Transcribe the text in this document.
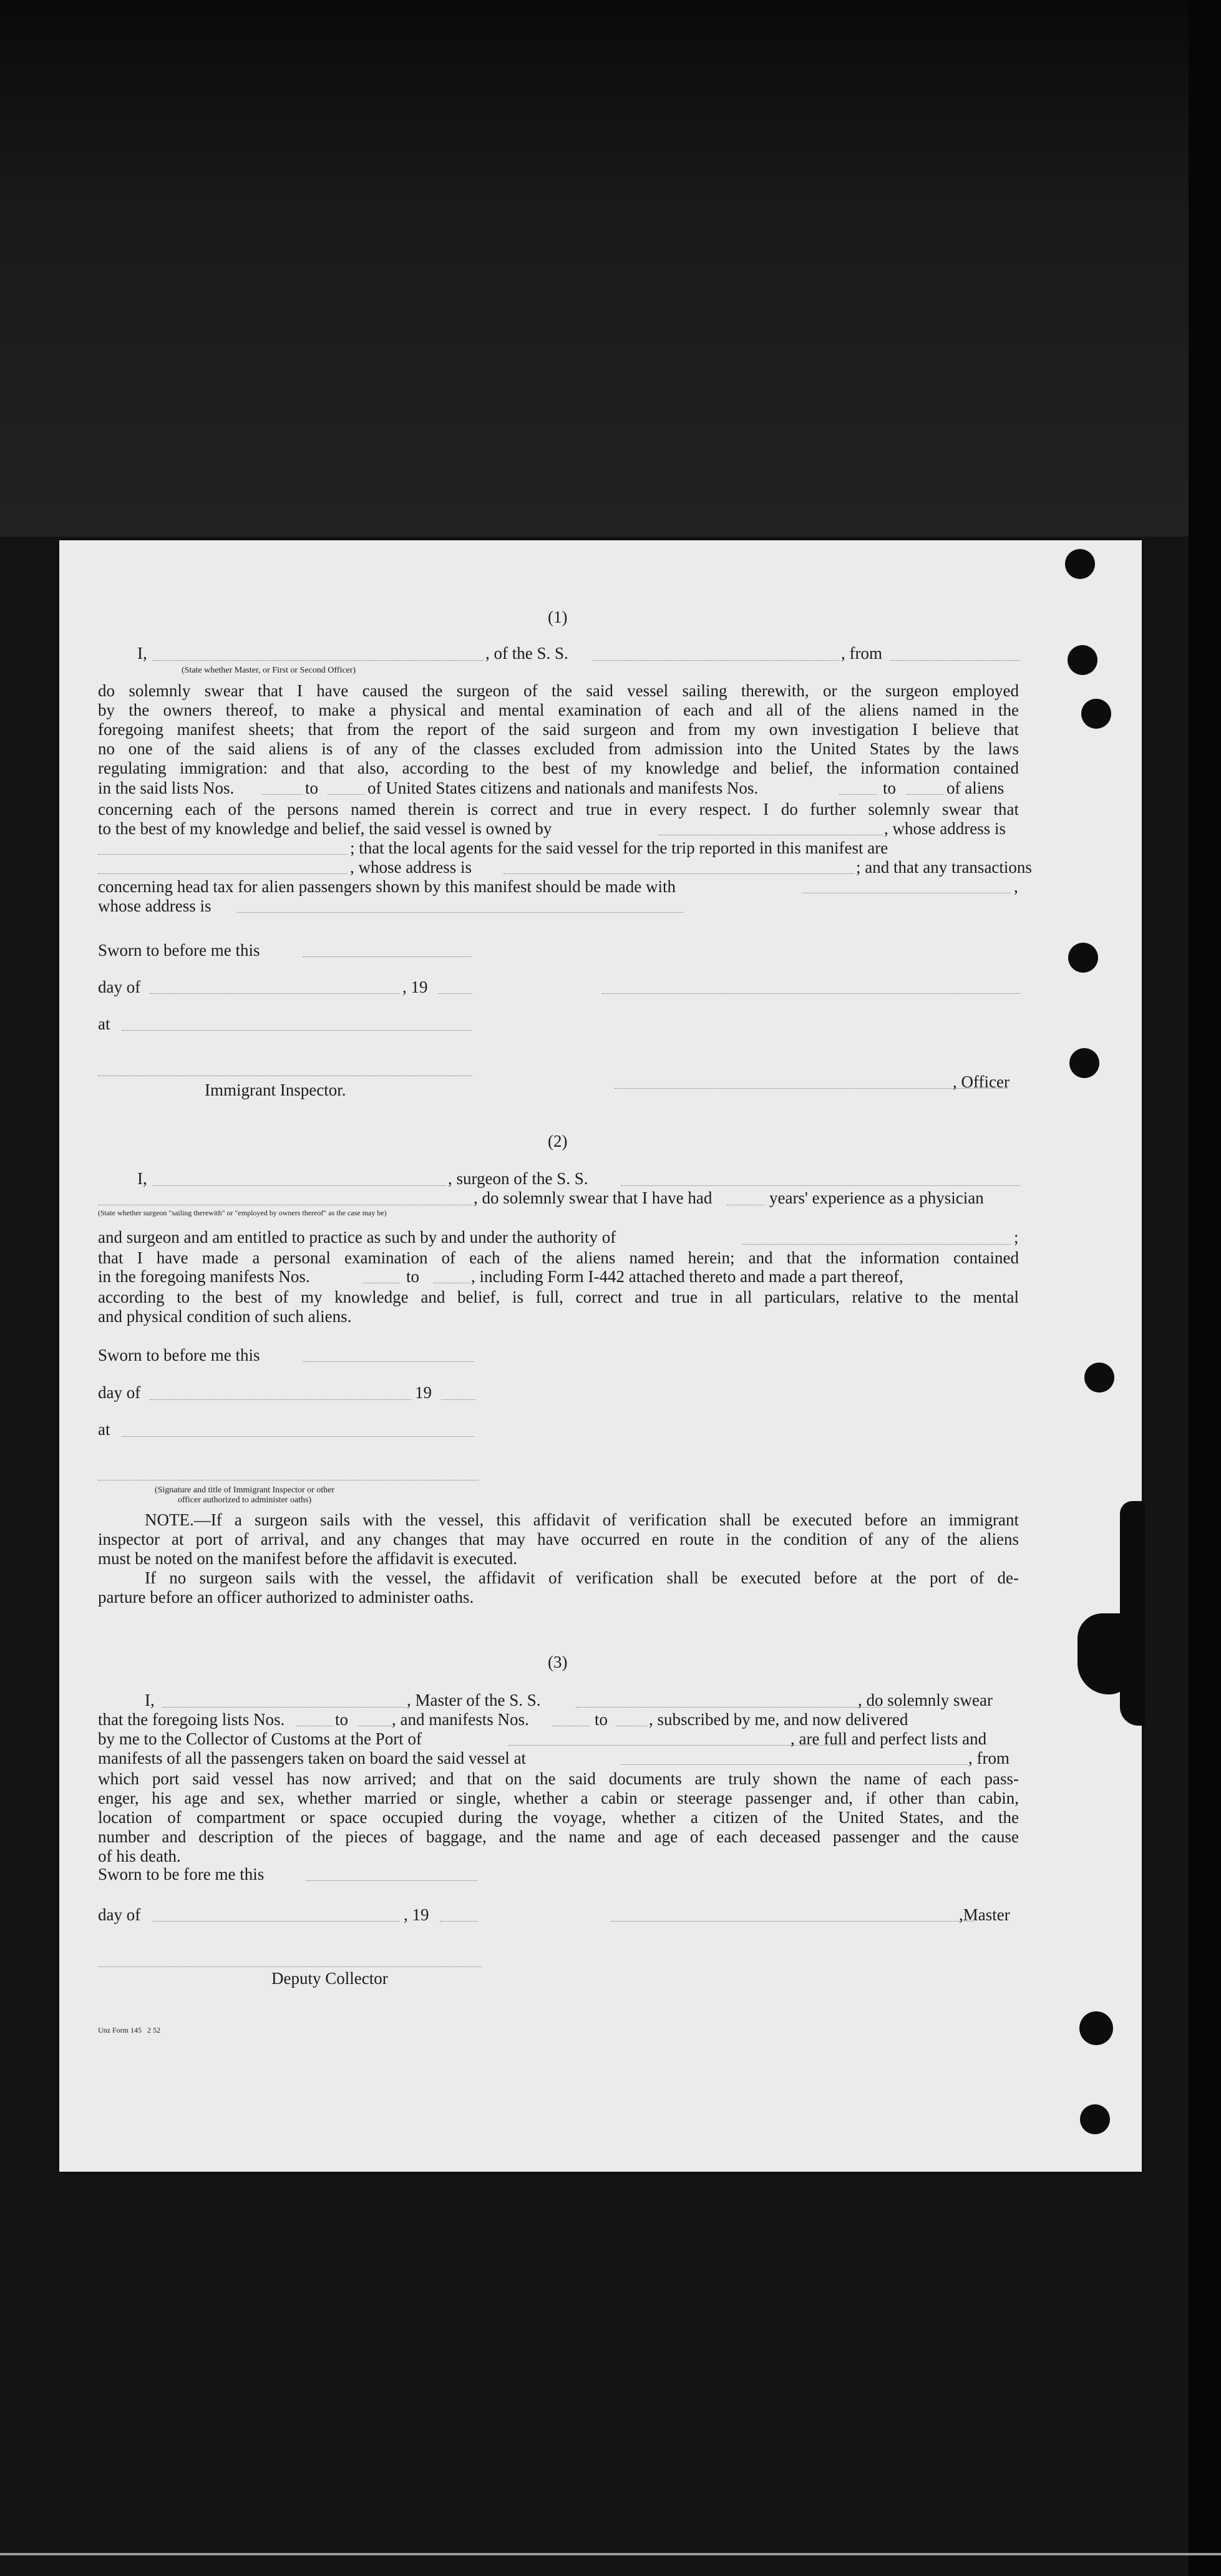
(1)
I,	, of the S. S.	, from
(State whether Master, or First or Second Officer)
do solemnly swear that I have caused the surgeon of the said vessel sailing therewith, or the surgeon employed
by the owners thereof, to make a physical and mental examination of each and all of the aliens named in the
foregoing manifest sheets; that from the report of the said surgeon and from my own investigation I believe that
no one of the said aliens is of any of the classes excluded from admission into the United States by the laws
regulating immigration: and that also, according to the best of my knowledge and belief, the information contained
in the said lists Nos.	to	of United States citizens and nationals and manifests Nos.	to	of aliens
concerning each of the persons named therein is correct and true in every respect. I do further solemnly swear that
to the best of my knowledge and belief, the said vessel is owned by	, whose address is
; that the local agents for the said vessel for the trip reported in this manifest are
, whose address is	; and that any transactions
concerning head tax for alien passengers shown by this manifest should be made with	,
whose address is
Sworn to before me this
day of	, 19
at
Immigrant Inspector.	, Officer
(2)
I,	, surgeon of the S. S.
, do solemnly swear that I have had	years' experience as a physician
(State whether surgeon "sailing therewith" or "employed by owners thereof" as the case may be)
and surgeon and am entitled to practice as such by and under the authority of	;
that I have made a personal examination of each of the aliens named herein; and that the information contained
in the foregoing manifests Nos.	to	, including Form I-442 attached thereto and made a part thereof,
according to the best of my knowledge and belief, is full, correct and true in all particulars, relative to the mental
and physical condition of such aliens.
Sworn to before me this
day of	19
at
(Signature and title of Immigrant Inspector or other
officer authorized to administer oaths)
NOTE.—If a surgeon sails with the vessel, this affidavit of verification shall be executed before an immigrant
inspector at port of arrival, and any changes that may have occurred en route in the condition of any of the aliens
must be noted on the manifest before the affidavit is executed.
If no surgeon sails with the vessel, the affidavit of verification shall be executed before at the port of de-
parture before an officer authorized to administer oaths.
(3)
I,	, Master of the S. S.	, do solemnly swear
that the foregoing lists Nos.	to	, and manifests Nos.	to , subscribed by me, and now delivered
by me to the Collector of Customs at the Port of	, are full and perfect lists and
manifests of all the passengers taken on board the said vessel at	, from
which port said vessel has now arrived; and that on the said documents are truly shown the name of each pass-
enger, his age and sex, whether married or single, whether a cabin or steerage passenger and, if other than cabin,
location of compartment or space occupied during the voyage, whether a citizen of the United States, and the
number and description of the pieces of baggage, and the name and age of each deceased passenger and the cause
of his death.
Sworn to be fore me this
day of	, 19	,Master
Deputy Collector
Unz Form 145   2 52
